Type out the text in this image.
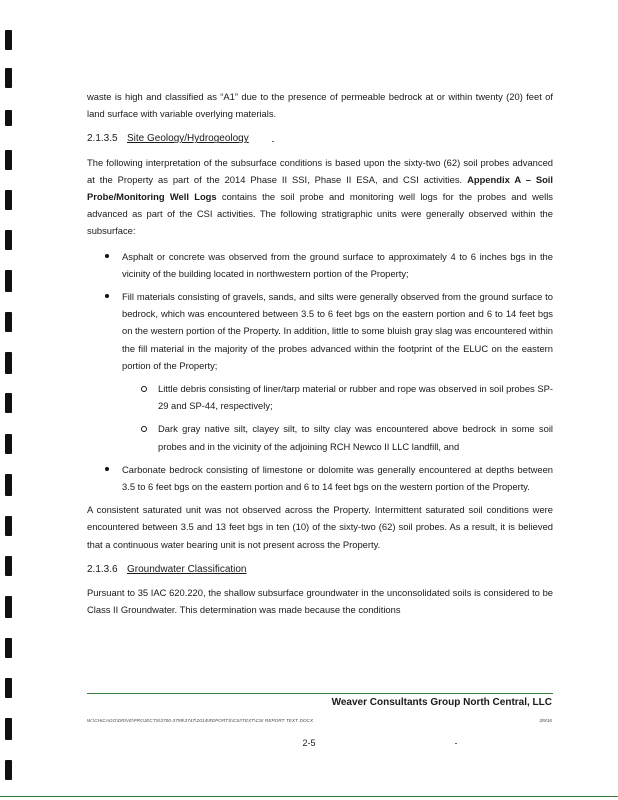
waste is high and classified as “A1” due to the presence of permeable bedrock at or within twenty (20) feet of land surface with variable overlying materials.

2.1.3.5 Site Geology/Hydrogeology

The following interpretation of the subsurface conditions is based upon the sixty-two (62) soil probes advanced at the Property as part of the 2014 Phase II SSI, Phase II ESA, and CSI activities. Appendix A – Soil Probe/Monitoring Well Logs contains the soil probe and monitoring well logs for the probes and wells advanced as part of the CSI activities. The following stratigraphic units were generally observed within the subsurface:

Asphalt or concrete was observed from the ground surface to approximately 4 to 6 inches bgs in the vicinity of the building located in northwestern portion of the Property;
Fill materials consisting of gravels, sands, and silts were generally observed from the ground surface to bedrock, which was encountered between 3.5 to 6 feet bgs on the eastern portion and 6 to 14 feet bgs on the western portion of the Property. In addition, little to some bluish gray slag was encountered within the fill material in the majority of the probes advanced within the footprint of the ELUC on the eastern portion of the Property;
Little debris consisting of liner/tarp material or rubber and rope was observed in soil probes SP-29 and SP-44, respectively;
Dark gray native silt, clayey silt, to silty clay was encountered above bedrock in some soil probes and in the vicinity of the adjoining RCH Newco II LLC landfill, and
Carbonate bedrock consisting of limestone or dolomite was generally encountered at depths between 3.5 to 6 feet bgs on the eastern portion and 6 to 14 feet bgs on the western portion of the Property.

A consistent saturated unit was not observed across the Property. Intermittent saturated soil conditions were encountered between 3.5 and 13 feet bgs in ten (10) of the sixty-two (62) soil probes. As a result, it is believed that a continuous water bearing unit is not present across the Property.

2.1.3.6 Groundwater Classification

Pursuant to 35 IAC 620.220, the shallow subsurface groundwater in the unconsolidated soils is considered to be Class II Groundwater. This determination was made because the conditions

Weaver Consultants Group North Central, LLC
W:\CHICAGO\DRIVE\PROJECTS\3700-3799\3747\2014\REPORTS\CSI\TEXT\CSI REPORT TEXT DOCX	3/9/16
2-5
